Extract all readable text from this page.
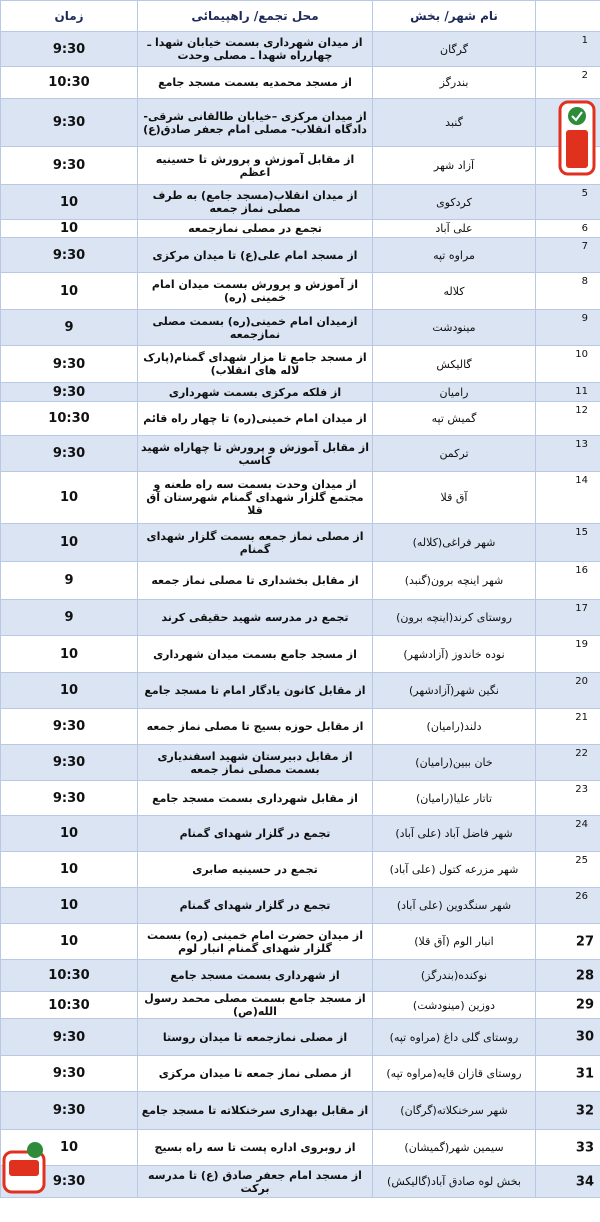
زمان	محل تجمع/ راهپیمائی	نام شهر/ بخش	
9:30	از میدان شهرداری بسمت خیابان شهدا ـ چهارراه شهدا ـ مصلی وحدت	گرگان	1

10:30	از مسجد محمدیه بسمت مسجد جامع	بندرگز	2

9:30	از میدان مرکزی –خیابان طالقانی شرقی-دادگاه انقلاب- مصلی امام جعفر صادق(ع)	گنبد	

9:30	از مقابل آموزش و پرورش تا حسینیه اعظم	آزاد شهر	

10	از میدان انقلاب(مسجد جامع) به طرف مصلی نماز جمعه	کردکوی	5

10	تجمع در مصلی نمازجمعه	علی آباد	6

9:30	از مسجد امام علی(ع) تا میدان مرکزی	مراوه تپه	7

10	از آموزش و پرورش بسمت میدان امام خمینی (ره)	کلاله	8

9	ازمیدان امام خمینی(ره) بسمت مصلی نمازجمعه	مینودشت	9

9:30	از مسجد جامع تا مزار شهدای گمنام(پارک لاله های انقلاب)	گالیکش	10

9:30	از فلکه مرکزی بسمت شهرداری	رامیان	11

10:30	از میدان امام خمینی(ره) تا چهار راه قائم	گمیش تپه	12

9:30	از مقابل آموزش و پرورش تا چهاراه شهید کاسب	ترکمن	13

10	از میدان وحدت بسمت سه راه طعنه و مجتمع گلزار شهدای گمنام شهرستان آق قلا	آق قلا	14

10	از مصلی نماز جمعه بسمت گلزار شهدای گمنام	شهر فراغی(کلاله)	15

9	از مقابل بخشداری تا مصلی نماز جمعه	شهر اینچه برون(گنبد)	16

9	تجمع در مدرسه شهید حقیقی کرند	روستای کرند(اینچه برون)	17

10	از مسجد جامع بسمت میدان شهرداری	نوده خاندوز (آزادشهر)	19

10	از مقابل کانون یادگار امام تا مسجد جامع	نگین شهر(آزادشهر)	20

9:30	از مقابل حوزه بسیج تا مصلی نماز جمعه	دلند(رامیان)	21

9:30	از مقابل دبیرستان شهید اسفندیاری بسمت مصلی نماز جمعه	خان ببین(رامیان)	22

9:30	از مقابل شهرداری بسمت مسجد جامع	تاتار علیا(رامیان)	23

10	تجمع در گلزار شهدای گمنام	شهر فاضل آباد (علی آباد)	24

10	تجمع در حسینیه صابری	شهر مزرعه کتول (علی آباد)	25

10	تجمع در گلزار شهدای گمنام	شهر سنگدوین (علی آباد)	26

10	از میدان حضرت امام خمینی (ره) بسمت گلزار شهدای گمنام انبار لوم	انبار الوم (آق قلا)	27

10:30	از شهرداری بسمت مسجد جامع	نوکنده(بندرگز)	28

10:30	از مسجد جامع بسمت مصلی محمد رسول الله(ص)	دوزین (مینودشت)	29

9:30	از مصلی نمازجمعه تا میدان روستا	روستای گلی داغ (مراوه تپه)	30

9:30	از مصلی نماز جمعه تا میدان مرکزی	روستای قازان قایه(مراوه تپه)	31

9:30	از مقابل بهداری سرخنکلاته تا مسجد جامع	شهر سرخنکلاته(گرگان)	32

10	از روبروی اداره پست تا سه راه بسیج	سیمین شهر(گمیشان)	33

9:30	از مسجد امام جعفر صادق (ع) تا مدرسه برکت	بخش لوه صادق آباد(گالیکش)	34
